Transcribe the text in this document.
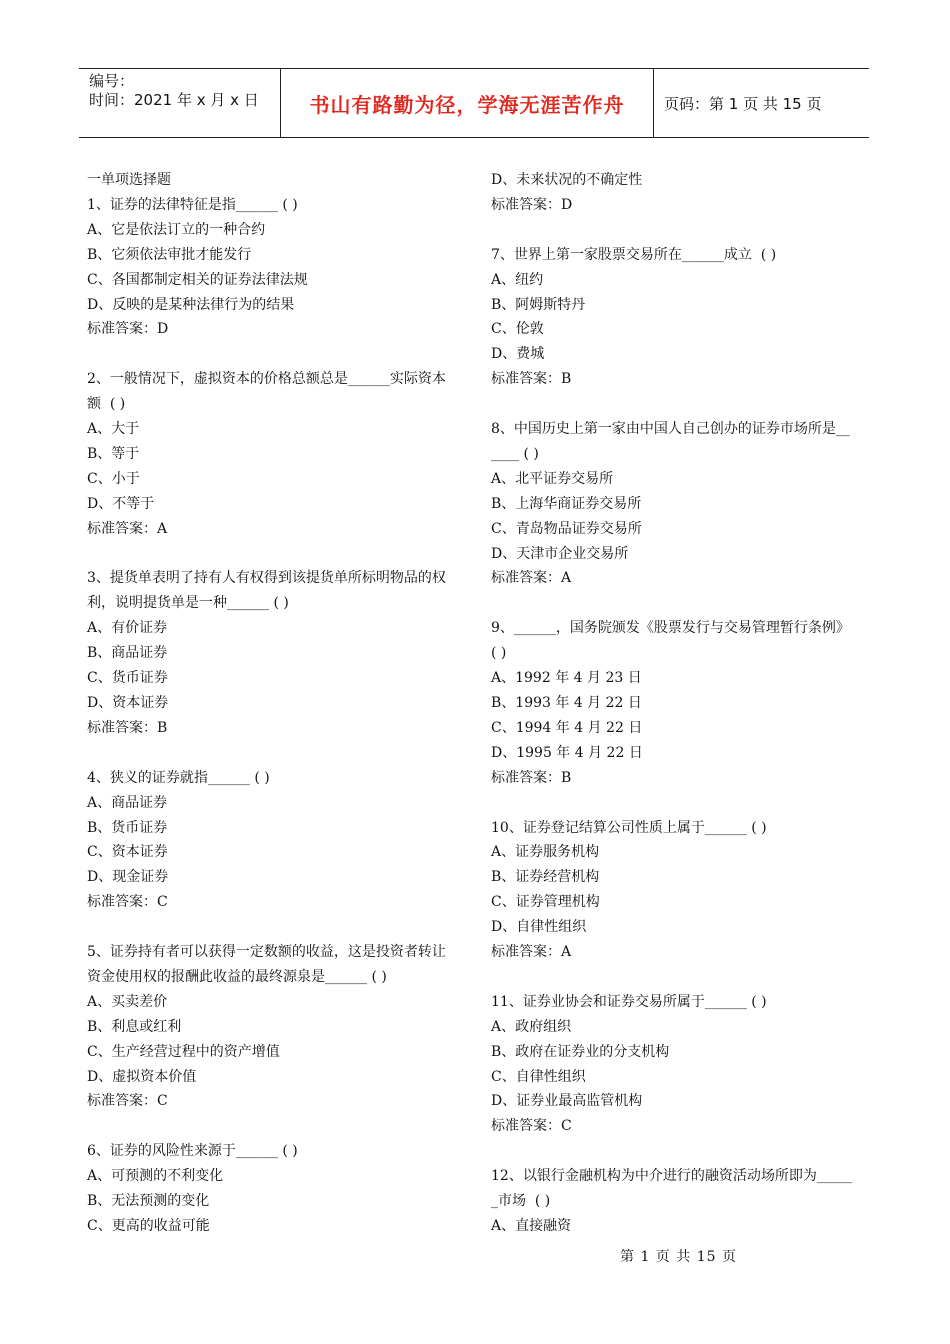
编号：
时间：2021 年 x 月 x 日	书山有路勤为径，学海无涯苦作舟	页码：第 1 页 共 15 页
一单项选择题
1、证券的法律特征是指______ ( )
A、它是依法订立的一种合约
B、它须依法审批才能发行
C、各国都制定相关的证券法律法规
D、反映的是某种法律行为的结果
标准答案：D
2、一般情况下，虚拟资本的价格总额总是______实际资本
额  ( )
A、大于
B、等于
C、小于
D、不等于
标准答案：A
3、提货单表明了持有人有权得到该提货单所标明物品的权
利，说明提货单是一种______ ( )
A、有价证券
B、商品证券
C、货币证券
D、资本证券
标准答案：B
4、狭义的证券就指______ ( )
A、商品证券
B、货币证券
C、资本证券
D、现金证券
标准答案：C
5、证券持有者可以获得一定数额的收益，这是投资者转让
资金使用权的报酬此收益的最终源泉是______ ( )
A、买卖差价
B、利息或红利
C、生产经营过程中的资产增值
D、虚拟资本价值
标准答案：C
6、证券的风险性来源于______ ( )
A、可预测的不利变化
B、无法预测的变化
C、更高的收益可能
D、未来状况的不确定性
标准答案：D
7、世界上第一家股票交易所在______成立  ( )
A、纽约
B、阿姆斯特丹
C、伦敦
D、费城
标准答案：B
8、中国历史上第一家由中国人自己创办的证券市场所是__
____ ( )
A、北平证券交易所
B、上海华商证券交易所
C、青岛物品证券交易所
D、天津市企业交易所
标准答案：A
9、______，国务院颁发《股票发行与交易管理暂行条例》
( )
A、1992 年 4 月 23 日
B、1993 年 4 月 22 日
C、1994 年 4 月 22 日
D、1995 年 4 月 22 日
标准答案：B
10、证券登记结算公司性质上属于______ ( )
A、证券服务机构
B、证券经营机构
C、证券管理机构
D、自律性组织
标准答案：A
11、证券业协会和证券交易所属于______ ( )
A、政府组织
B、政府在证券业的分支机构
C、自律性组织
D、证券业最高监管机构
标准答案：C
12、以银行金融机构为中介进行的融资活动场所即为_____
_市场  ( )
A、直接融资
第 1 页 共 15 页
